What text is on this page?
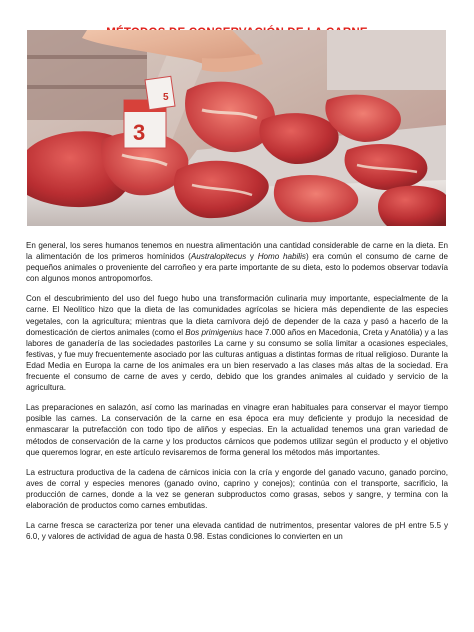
3
5

En general, los seres humanos tenemos en nuestra alimentación una cantidad considerable de carne en la dieta. En la alimentación de los primeros homínidos (Australopitecus y Homo habilis) era común el consumo de carne de pequeños animales o proveniente del carroñeo y era parte importante de su dieta, esto lo podemos observar todavía con algunos monos antropomorfos.

Con el descubrimiento del uso del fuego hubo una transformación culinaria muy importante, especialmente de la carne. El Neolítico hizo que la dieta de las comunidades agrícolas se hiciera más dependiente de las especies vegetales, con la agricultura; mientras que la dieta carnívora dejó de depender de la caza y pasó a hacerlo de la domesticación de ciertos animales (como el Bos primigenius hace 7.000 años en Macedonia, Creta y Anatólia) y a las labores de ganadería de las sociedades pastoriles La carne y su consumo se solía limitar a ocasiones especiales, festivas, y fue muy frecuentemente asociado por las culturas antiguas a distintas formas de ritual religioso. Durante la Edad Media en Europa la carne de los animales era un bien reservado a las clases más altas de la sociedad. Era frecuente el consumo de carne de aves y cerdo, debido que los grandes animales al cuidado y servicio de la agricultura.

Las preparaciones en salazón, así como las marinadas en vinagre eran habituales para conservar el mayor tiempo posible las carnes. La conservación de la carne en esa época era muy deficiente y produjo la necesidad de enmascarar la putrefacción con todo tipo de aliños y especias. En la actualidad tenemos una gran variedad de métodos de conservación de la carne y los productos cárnicos que podemos utilizar según el producto y el objetivo que queremos lograr, en este artículo revisaremos de forma general los métodos más importantes.

La estructura productiva de la cadena de cárnicos inicia con la cría y engorde del ganado vacuno, ganado porcino, aves de corral y especies menores (ganado ovino, caprino y conejos); continúa con el transporte, sacrificio, la producción de carnes, donde a la vez se generan subproductos como grasas, sebos y sangre, y termina con la elaboración de productos como carnes embutidas.

La carne fresca se caracteriza por tener una elevada cantidad de nutrimentos, presentar valores de pH entre 5.5 y 6.0, y valores de actividad de agua de hasta 0.98. Estas condiciones lo convierten en un
